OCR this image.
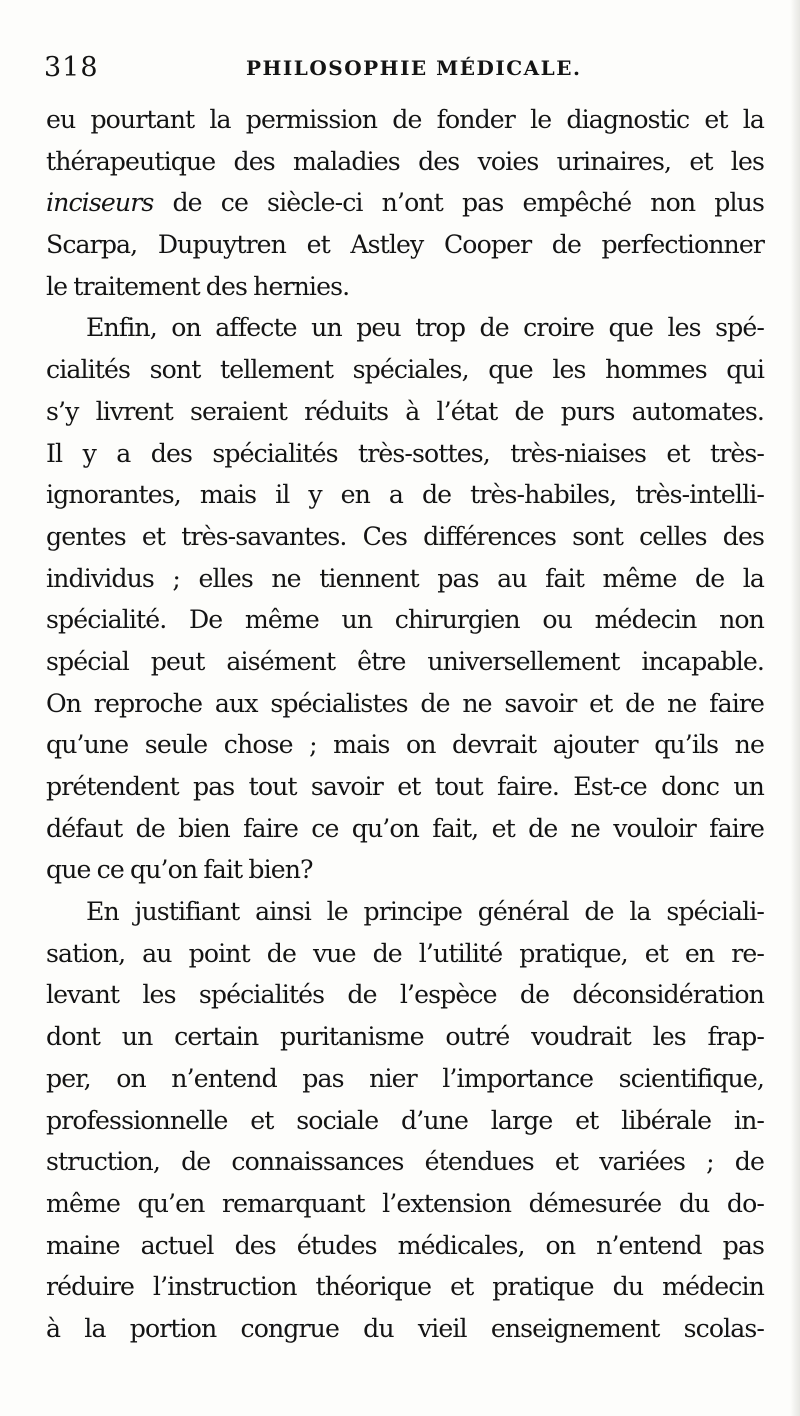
318	PHILOSOPHIE MÉDICALE.
eu pourtant la permission de fonder le diagnostic et la
thérapeutique des maladies des voies urinaires, et les
inciseurs de ce siècle-ci n’ont pas empêché non plus
Scarpa, Dupuytren et Astley Cooper de perfectionner
le traitement des hernies.
Enfin, on affecte un peu trop de croire que les spé-
cialités sont tellement spéciales, que les hommes qui
s’y livrent seraient réduits à l’état de purs automates.
Il y a des spécialités très-sottes, très-niaises et très-
ignorantes, mais il y en a de très-habiles, très-intelli-
gentes et très-savantes. Ces différences sont celles des
individus ; elles ne tiennent pas au fait même de la
spécialité. De même un chirurgien ou médecin non
spécial peut aisément être universellement incapable.
On reproche aux spécialistes de ne savoir et de ne faire
qu’une seule chose ; mais on devrait ajouter qu’ils ne
prétendent pas tout savoir et tout faire. Est-ce donc un
défaut de bien faire ce qu’on fait, et de ne vouloir faire
que ce qu’on fait bien?
En justifiant ainsi le principe général de la spéciali-
sation, au point de vue de l’utilité pratique, et en re-
levant les spécialités de l’espèce de déconsidération
dont un certain puritanisme outré voudrait les frap-
per, on n’entend pas nier l’importance scientifique,
professionnelle et sociale d’une large et libérale in-
struction, de connaissances étendues et variées ; de
même qu’en remarquant l’extension démesurée du do-
maine actuel des études médicales, on n’entend pas
réduire l’instruction théorique et pratique du médecin
à la portion congrue du vieil enseignement scolas-
